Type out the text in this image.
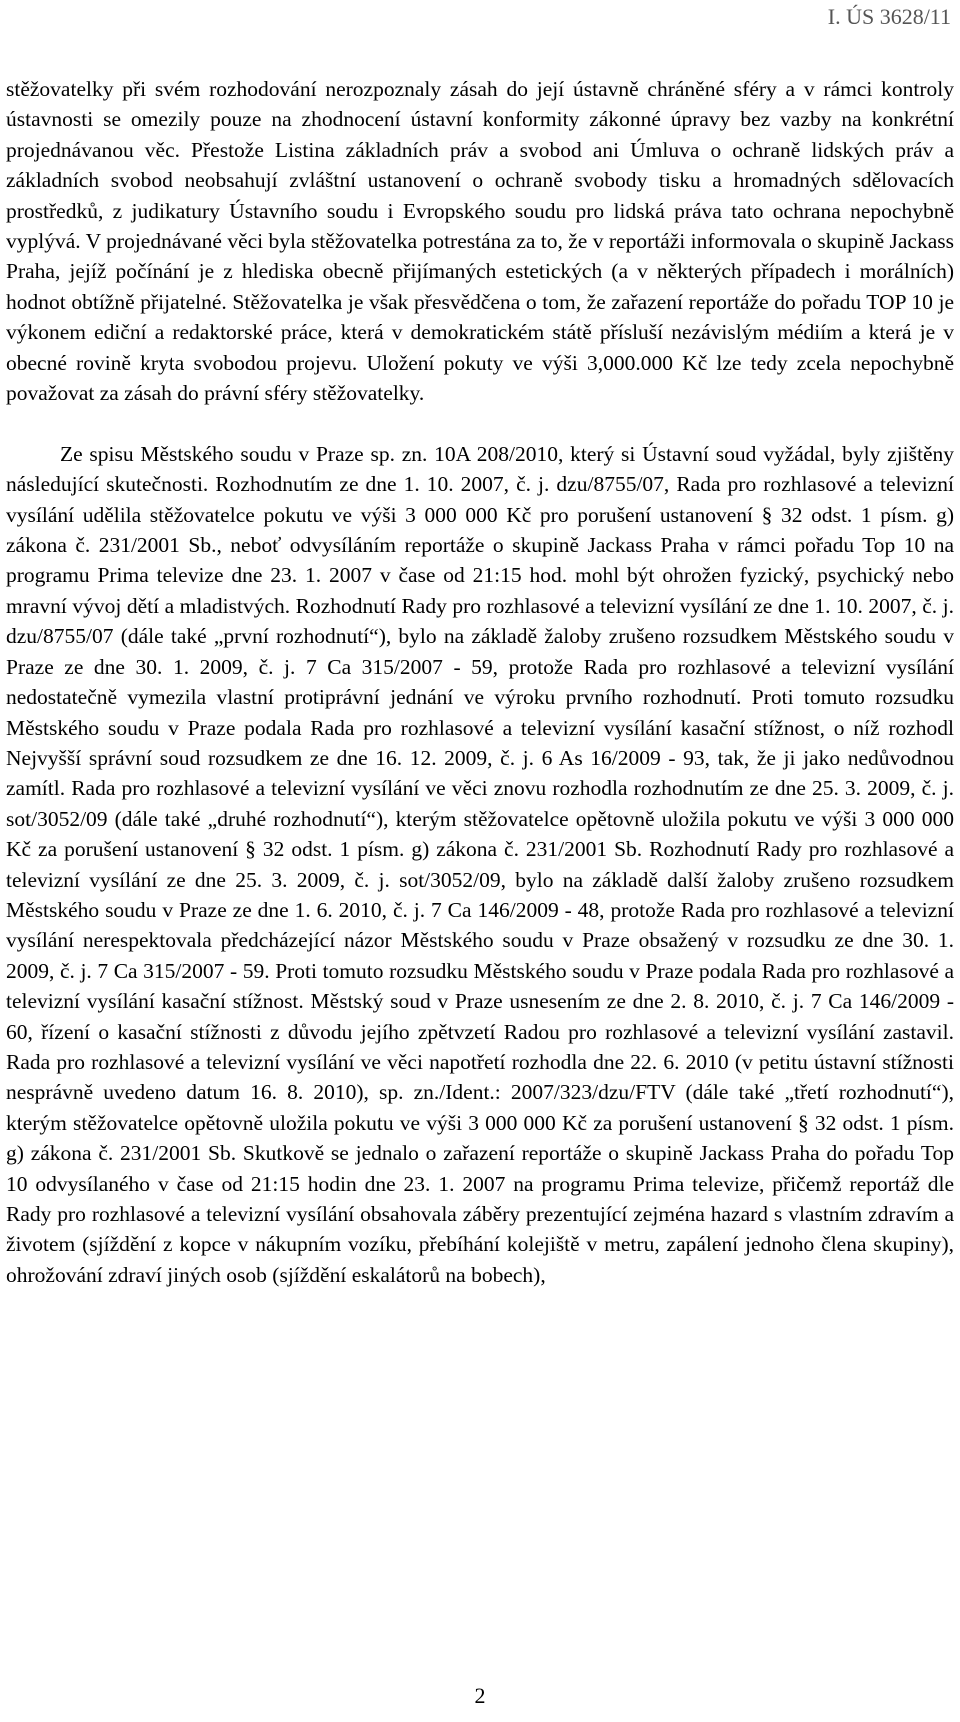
I. ÚS 3628/11

stěžovatelky při svém rozhodování nerozpoznaly zásah do její ústavně chráněné sféry a v rámci kontroly ústavnosti se omezily pouze na zhodnocení ústavní konformity zákonné úpravy bez vazby na konkrétní projednávanou věc. Přestože Listina základních práv a svobod ani Úmluva o ochraně lidských práv a základních svobod neobsahují zvláštní ustanovení o ochraně svobody tisku a hromadných sdělovacích prostředků, z judikatury Ústavního soudu i Evropského soudu pro lidská práva tato ochrana nepochybně vyplývá. V projednávané věci byla stěžovatelka potrestána za to, že v reportáži informovala o skupině Jackass Praha, jejíž počínání je z hlediska obecně přijímaných estetických (a v některých případech i morálních) hodnot obtížně přijatelné. Stěžovatelka je však přesvědčena o tom, že zařazení reportáže do pořadu TOP 10 je výkonem ediční a redaktorské práce, která v demokratickém státě přísluší nezávislým médiím a která je v obecné rovině kryta svobodou projevu. Uložení pokuty ve výši 3,000.000 Kč lze tedy zcela nepochybně považovat za zásah do právní sféry stěžovatelky.

Ze spisu Městského soudu v Praze sp. zn. 10A 208/2010, který si Ústavní soud vyžádal, byly zjištěny následující skutečnosti. Rozhodnutím ze dne 1. 10. 2007, č. j. dzu/8755/07, Rada pro rozhlasové a televizní vysílání udělila stěžovatelce pokutu ve výši 3 000 000 Kč pro porušení ustanovení § 32 odst. 1 písm. g) zákona č. 231/2001 Sb., neboť odvysíláním reportáže o skupině Jackass Praha v rámci pořadu Top 10 na programu Prima televize dne 23. 1. 2007 v čase od 21:15 hod. mohl být ohrožen fyzický, psychický nebo mravní vývoj dětí a mladistvých. Rozhodnutí Rady pro rozhlasové a televizní vysílání ze dne 1. 10. 2007, č. j. dzu/8755/07 (dále také „první rozhodnutí“), bylo na základě žaloby zrušeno rozsudkem Městského soudu v Praze ze dne 30. 1. 2009, č. j. 7 Ca 315/2007 - 59, protože Rada pro rozhlasové a televizní vysílání nedostatečně vymezila vlastní protiprávní jednání ve výroku prvního rozhodnutí. Proti tomuto rozsudku Městského soudu v Praze podala Rada pro rozhlasové a televizní vysílání kasační stížnost, o níž rozhodl Nejvyšší správní soud rozsudkem ze dne 16. 12. 2009, č. j. 6 As 16/2009 - 93, tak, že ji jako nedůvodnou zamítl. Rada pro rozhlasové a televizní vysílání ve věci znovu rozhodla rozhodnutím ze dne 25. 3. 2009, č. j. sot/3052/09 (dále také „druhé rozhodnutí“), kterým stěžovatelce opětovně uložila pokutu ve výši 3 000 000 Kč za porušení ustanovení § 32 odst. 1 písm. g) zákona č. 231/2001 Sb. Rozhodnutí Rady pro rozhlasové a televizní vysílání ze dne 25. 3. 2009, č. j. sot/3052/09, bylo na základě další žaloby zrušeno rozsudkem Městského soudu v Praze ze dne 1. 6. 2010, č. j. 7 Ca 146/2009 - 48, protože Rada pro rozhlasové a televizní vysílání nerespektovala předcházející názor Městského soudu v Praze obsažený v rozsudku ze dne 30. 1. 2009, č. j. 7 Ca 315/2007 - 59. Proti tomuto rozsudku Městského soudu v Praze podala Rada pro rozhlasové a televizní vysílání kasační stížnost. Městský soud v Praze usnesením ze dne 2. 8. 2010, č. j. 7 Ca 146/2009 - 60, řízení o kasační stížnosti z důvodu jejího zpětvzetí Radou pro rozhlasové a televizní vysílání zastavil. Rada pro rozhlasové a televizní vysílání ve věci napotřetí rozhodla dne 22. 6. 2010 (v petitu ústavní stížnosti nesprávně uvedeno datum 16. 8. 2010), sp. zn./Ident.: 2007/323/dzu/FTV (dále také „třetí rozhodnutí“), kterým stěžovatelce opětovně uložila pokutu ve výši 3 000 000 Kč za porušení ustanovení § 32 odst. 1 písm. g) zákona č. 231/2001 Sb. Skutkově se jednalo o zařazení reportáže o skupině Jackass Praha do pořadu Top 10 odvysílaného v čase od 21:15 hodin dne 23. 1. 2007 na programu Prima televize, přičemž reportáž dle Rady pro rozhlasové a televizní vysílání obsahovala záběry prezentující zejména hazard s vlastním zdravím a životem (sjíždění z kopce v nákupním vozíku, přebíhání kolejiště v metru, zapálení jednoho člena skupiny), ohrožování zdraví jiných osob (sjíždění eskalátorů na bobech),

2
